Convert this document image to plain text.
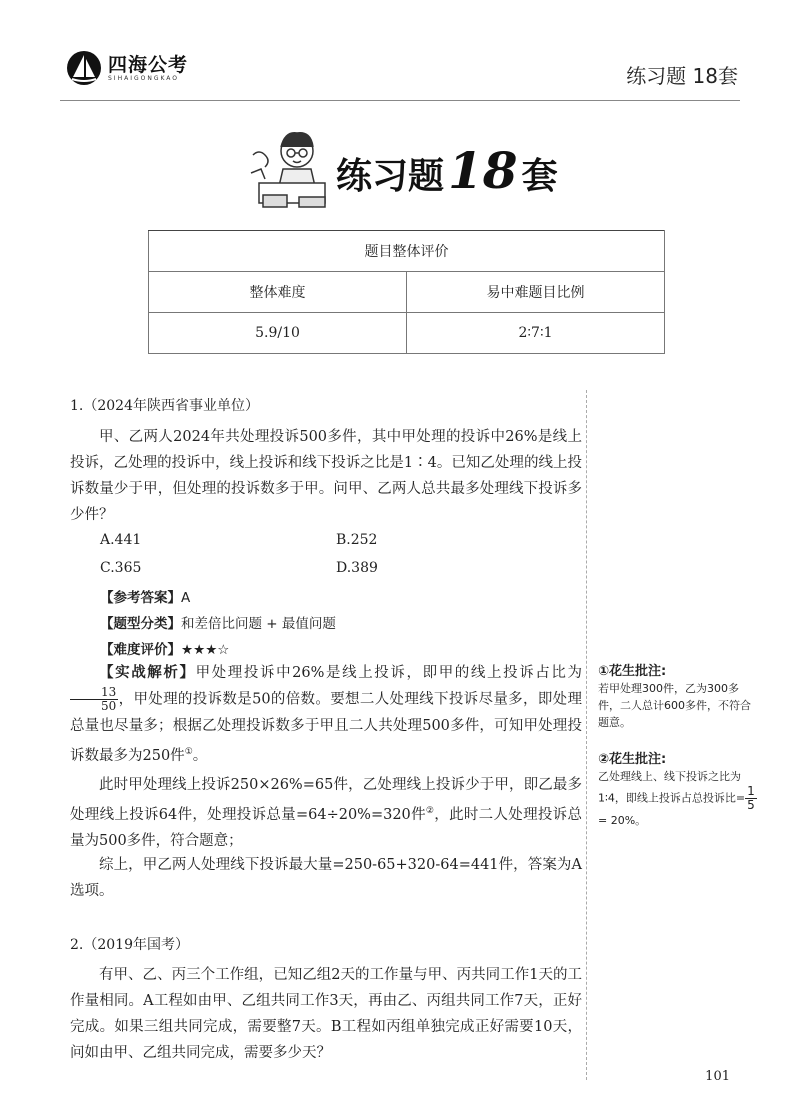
四海公考
SIHAIGONGKAO	练习题 18套
练习题18 套
题目整体评价	
整体难度	易中难题目比例
5.9/10	2∶7∶1
1.（2024年陕西省事业单位）
甲、乙两人2024年共处理投诉500多件，其中甲处理的投诉中26%是线上投诉，乙处理的投诉中，线上投诉和线下投诉之比是1∶4。已知乙处理的线上投诉数量少于甲，但处理的投诉数多于甲。问甲、乙两人总共最多处理线下投诉多少件？
A.441	B.252
C.365	D.389
【参考答案】A
【题型分类】和差倍比问题 + 最值问题
【难度评价】★★★☆
【实战解析】甲处理投诉中26%是线上投诉，即甲的线上投诉占比为
$\frac{13}{50}$ ，甲处理的投诉数是50的倍数。要想二人处理线下投诉尽量多，即处理总量也尽量多；根据乙处理投诉数多于甲且二人共处理500多件，可知甲处理投诉数最多为250件①。
此时甲处理线上投诉250×26%=65件，乙处理线上投诉少于甲，即乙最多处理线上投诉64件，处理投诉总量=64÷20%=320件②，此时二人处理投诉总量为500多件，符合题意；
综上，甲乙两人处理线下投诉最大量=250-65+320-64=441件，答案为A选项。
①花生批注:
若甲处理300件，乙为300多件，二人总计600多件，不符合题意。
②花生批注:
乙处理线上、线下投诉之比为1∶4，即线上投诉占总投诉比= $\frac{1}{5}$
= 20%。
2.（2019年国考）
有甲、乙、丙三个工作组，已知乙组2天的工作量与甲、丙共同工作1天的工作量相同。A工程如由甲、乙组共同工作3天，再由乙、丙组共同工作7天，正好完成。如果三组共同完成，需要整7天。B工程如丙组单独完成正好需要10天，问如由甲、乙组共同完成，需要多少天？
101
